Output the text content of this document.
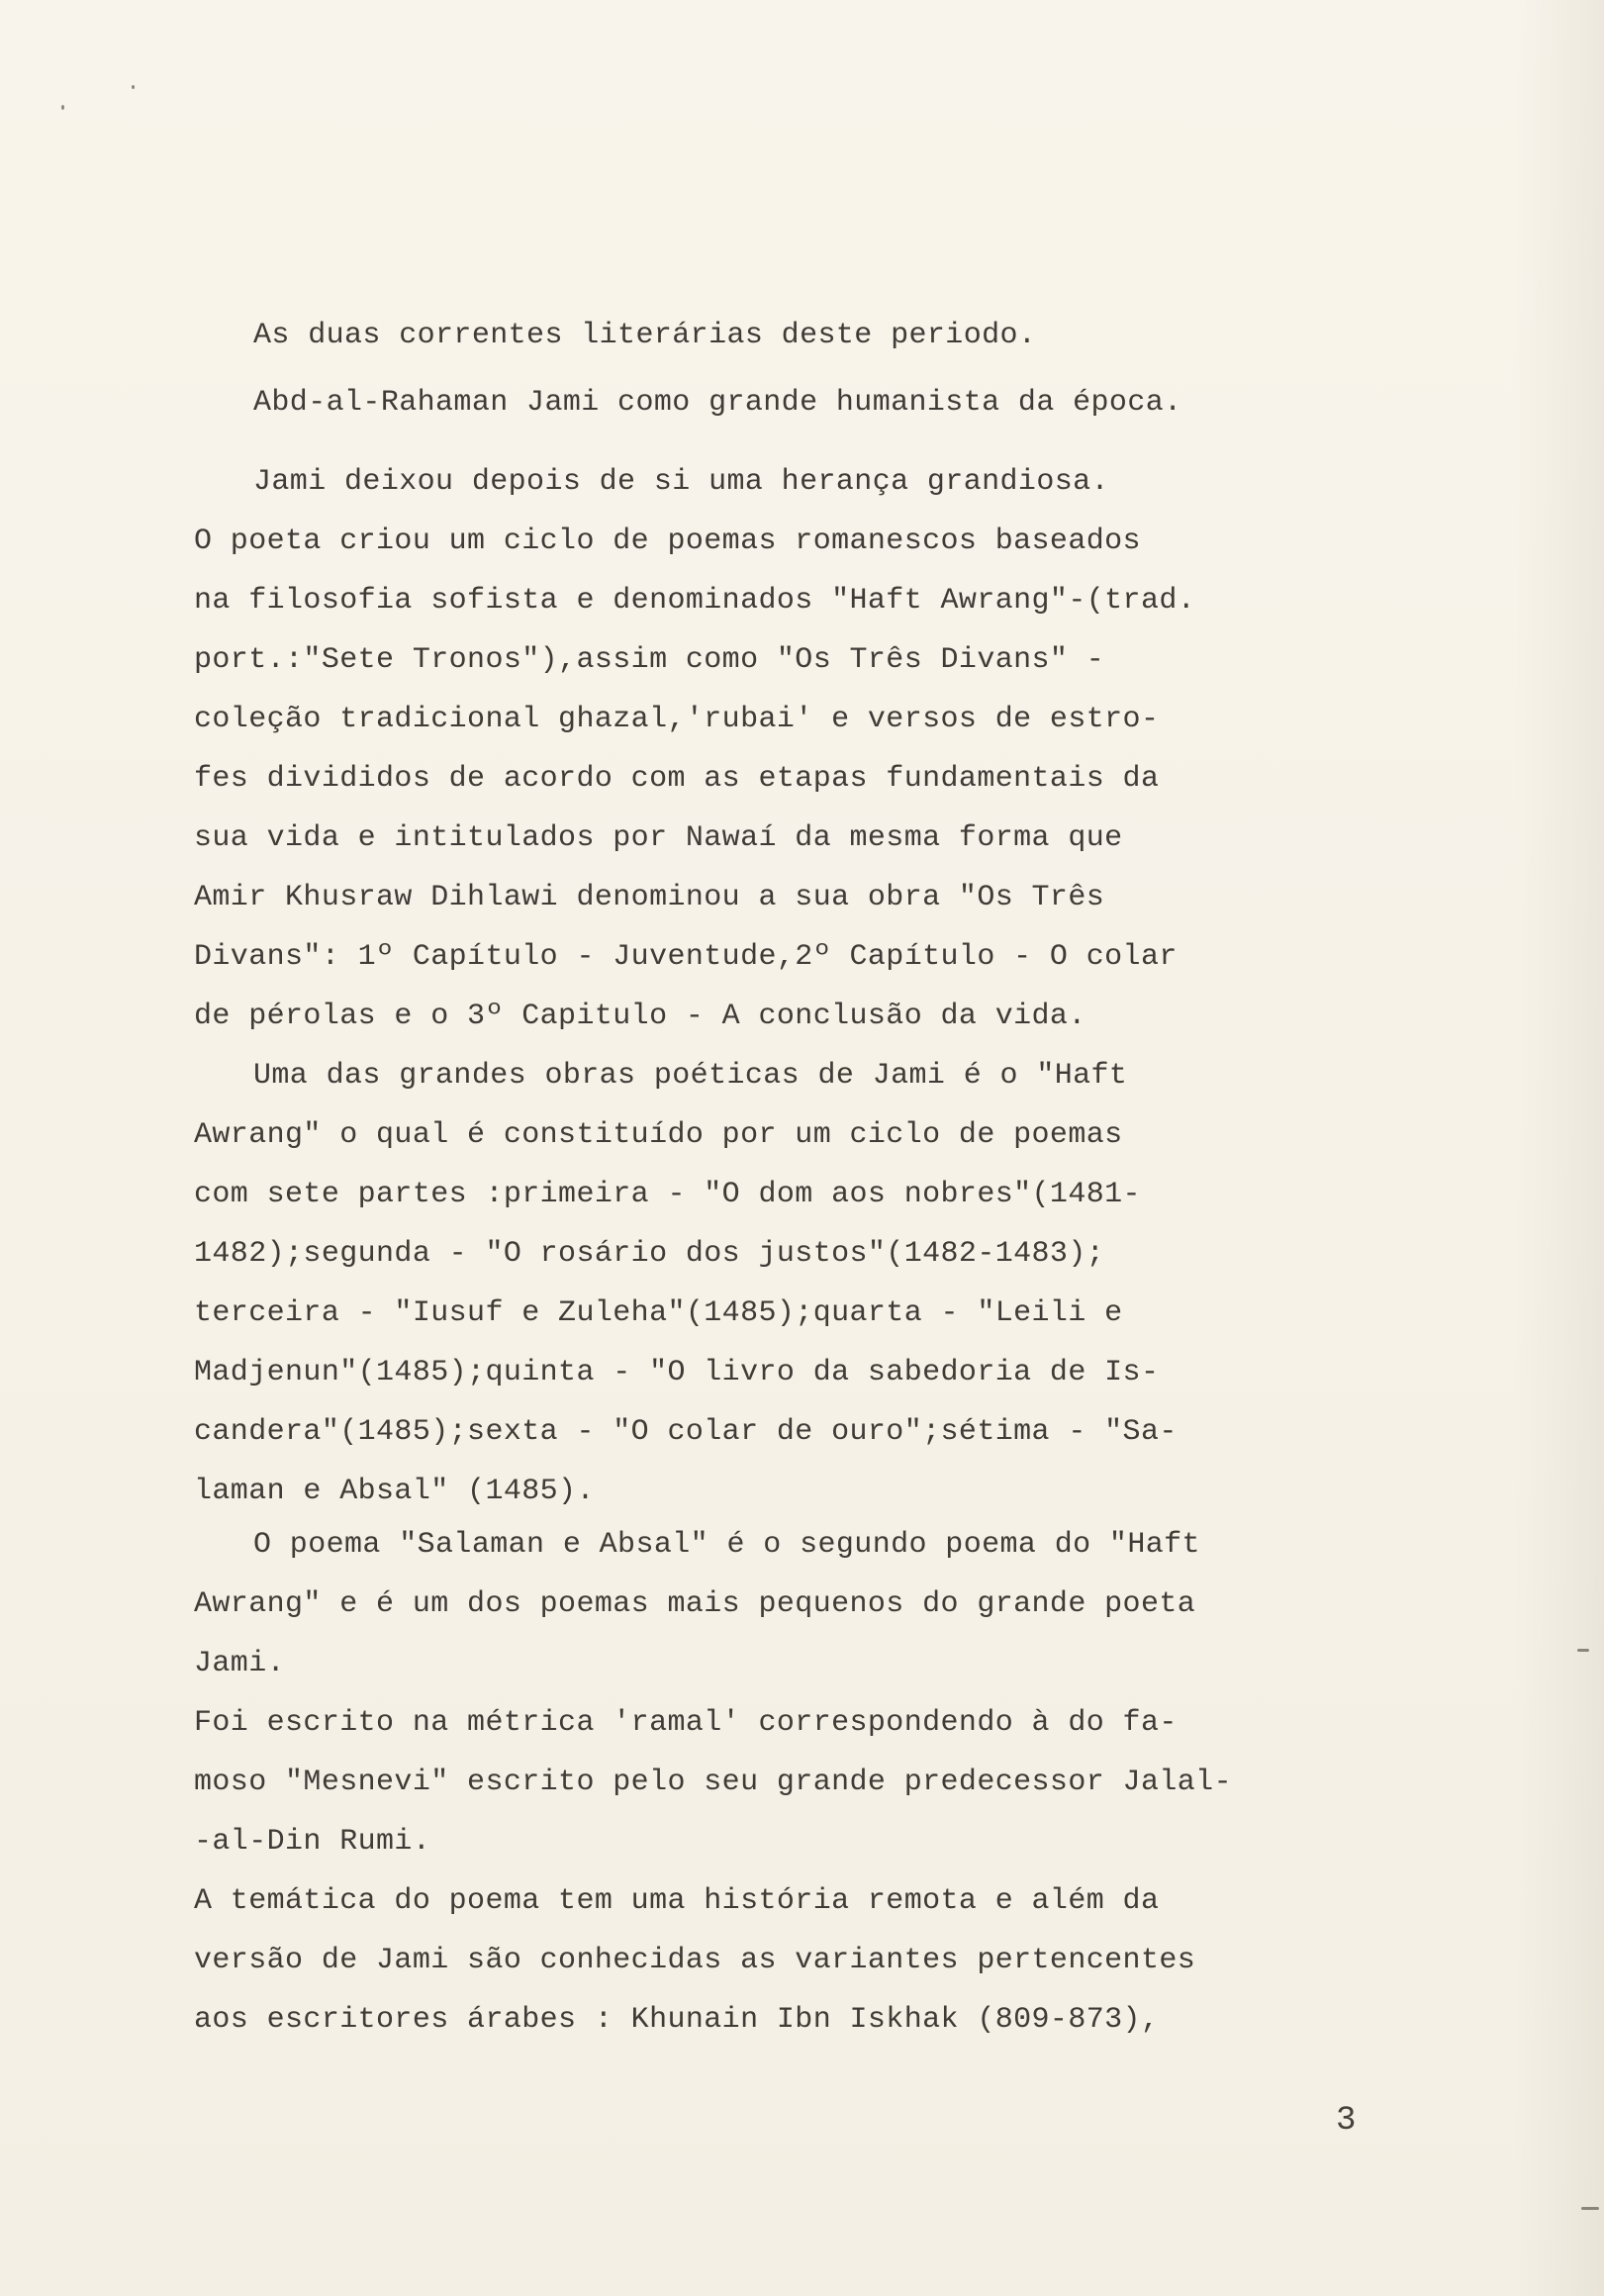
As duas correntes literárias deste periodo.

Abd-al-Rahaman Jami como grande humanista da época.

Jami deixou depois de si uma herança grandiosa.

O poeta criou um ciclo de poemas romanescos baseados

na filosofia sofista e denominados "Haft Awrang"-(trad.

port.:"Sete Tronos"),assim como "Os Três Divans" -

coleção tradicional ghazal,'rubai' e versos de estro-

fes divididos de acordo com as etapas fundamentais da

sua vida e intitulados por Nawaí da mesma forma que

Amir Khusraw Dihlawi denominou a sua obra "Os Três

Divans": 1º Capítulo - Juventude,2º Capítulo - O colar

de pérolas e o 3º Capitulo - A conclusão da vida.

Uma das grandes obras poéticas de Jami é o "Haft

Awrang" o qual é constituído por um ciclo de poemas

com sete partes :primeira - "O dom aos nobres"(1481-

1482);segunda - "O rosário dos justos"(1482-1483);

terceira - "Iusuf e Zuleha"(1485);quarta - "Leili e

Madjenun"(1485);quinta - "O livro da sabedoria de Is-

candera"(1485);sexta - "O colar de ouro";sétima - "Sa-

laman e Absal" (1485).

O poema "Salaman e Absal" é o segundo poema do "Haft

Awrang" e é um dos poemas mais pequenos do grande poeta

Jami.

Foi escrito na métrica 'ramal' correspondendo à do fa-

moso "Mesnevi" escrito pelo seu grande predecessor Jalal-

-al-Din Rumi.

A temática do poema tem uma história remota e além da

versão de Jami são conhecidas as variantes pertencentes

aos escritores árabes : Khunain Ibn Iskhak (809-873),

3
